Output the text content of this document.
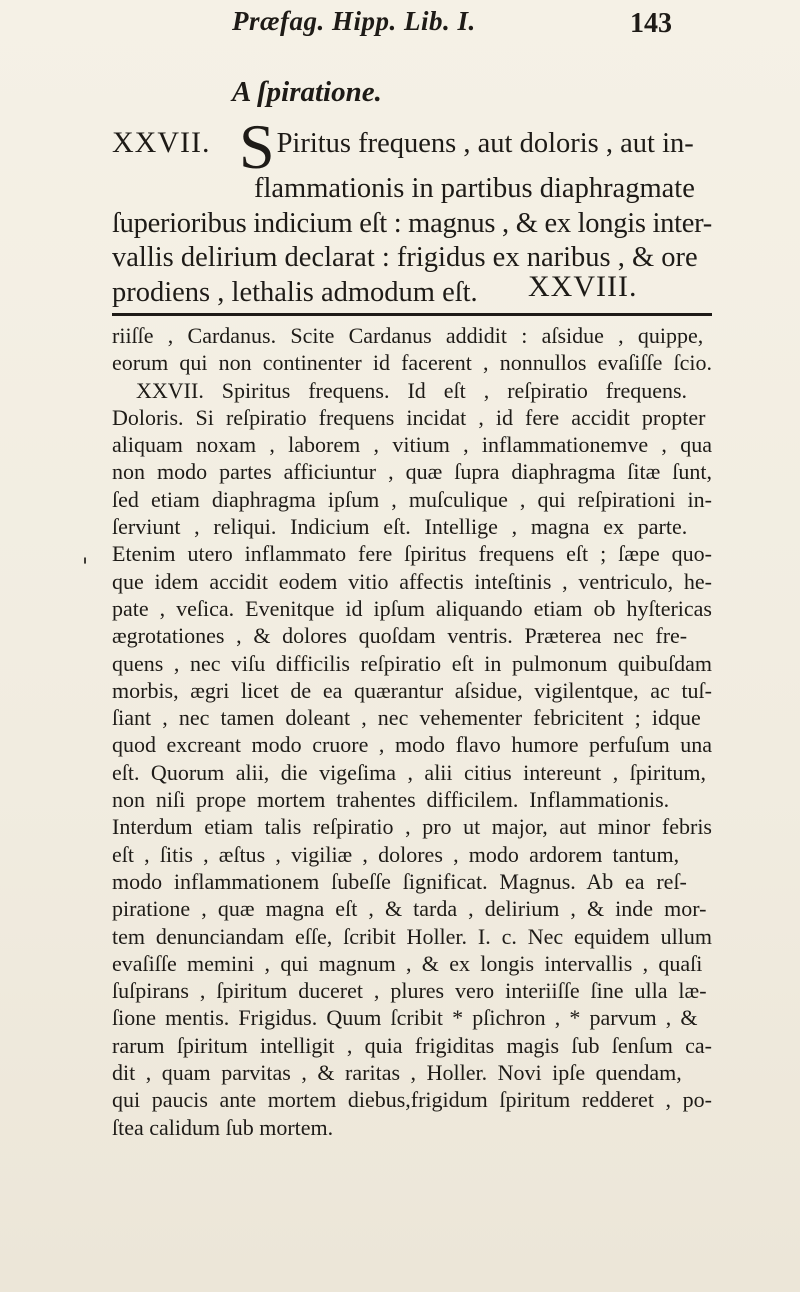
Præfag. Hipp. Lib. I.	143
A ſpiratione.
XXVII. SPiritus frequens , aut doloris , aut in-
flammationis in partibus diaphragmate
ſuperioribus indicium eſt : magnus , & ex longis inter-
vallis delirium declarat : frigidus ex naribus , & ore
prodiens , lethalis admodum eſt.	XXVIII.
'
riiſſe , Cardanus. Scite Cardanus addidit : aſsidue , quippe,
eorum qui non continenter id facerent , nonnullos evaſiſſe ſcio.
XXVII. Spiritus frequens. Id eſt , reſpiratio frequens.
Doloris. Si reſpiratio frequens incidat , id fere accidit propter
aliquam noxam , laborem , vitium , inflammationemve , qua
non modo partes afficiuntur , quæ ſupra diaphragma ſitæ ſunt,
ſed etiam diaphragma ipſum , muſculique , qui reſpirationi in-
ſerviunt , reliqui. Indicium eſt. Intellige , magna ex parte.
Etenim utero inflammato fere ſpiritus frequens eſt ; ſæpe quo-
que idem accidit eodem vitio affectis inteſtinis , ventriculo, he-
pate , veſica. Evenitque id ipſum aliquando etiam ob hyſtericas
ægrotationes , & dolores quoſdam ventris. Præterea nec fre-
quens , nec viſu difficilis reſpiratio eſt in pulmonum quibuſdam
morbis, ægri licet de ea quærantur aſsidue, vigilentque, ac tuſ-
ſiant , nec tamen doleant , nec vehementer febricitent ; idque
quod excreant modo cruore , modo flavo humore perfuſum una
eſt. Quorum alii, die vigeſima , alii citius intereunt , ſpiritum,
non niſi prope mortem trahentes difficilem. Inflammationis.
Interdum etiam talis reſpiratio , pro ut major, aut minor febris
eſt , ſitis , æſtus , vigiliæ , dolores , modo ardorem tantum,
modo inflammationem ſubeſſe ſignificat. Magnus. Ab ea reſ-
piratione , quæ magna eſt , & tarda , delirium , & inde mor-
tem denunciandam eſſe, ſcribit Holler. I. c. Nec equidem ullum
evaſiſſe memini , qui magnum , & ex longis intervallis , quaſi
ſuſpirans , ſpiritum duceret , plures vero interiiſſe ſine ulla læ-
ſione mentis. Frigidus. Quum ſcribit * pſichron , * parvum , &
rarum ſpiritum intelligit , quia frigiditas magis ſub ſenſum ca-
dit , quam parvitas , & raritas , Holler. Novi ipſe quendam,
qui paucis ante mortem diebus,frigidum ſpiritum redderet , po-
ſtea calidum ſub mortem.
